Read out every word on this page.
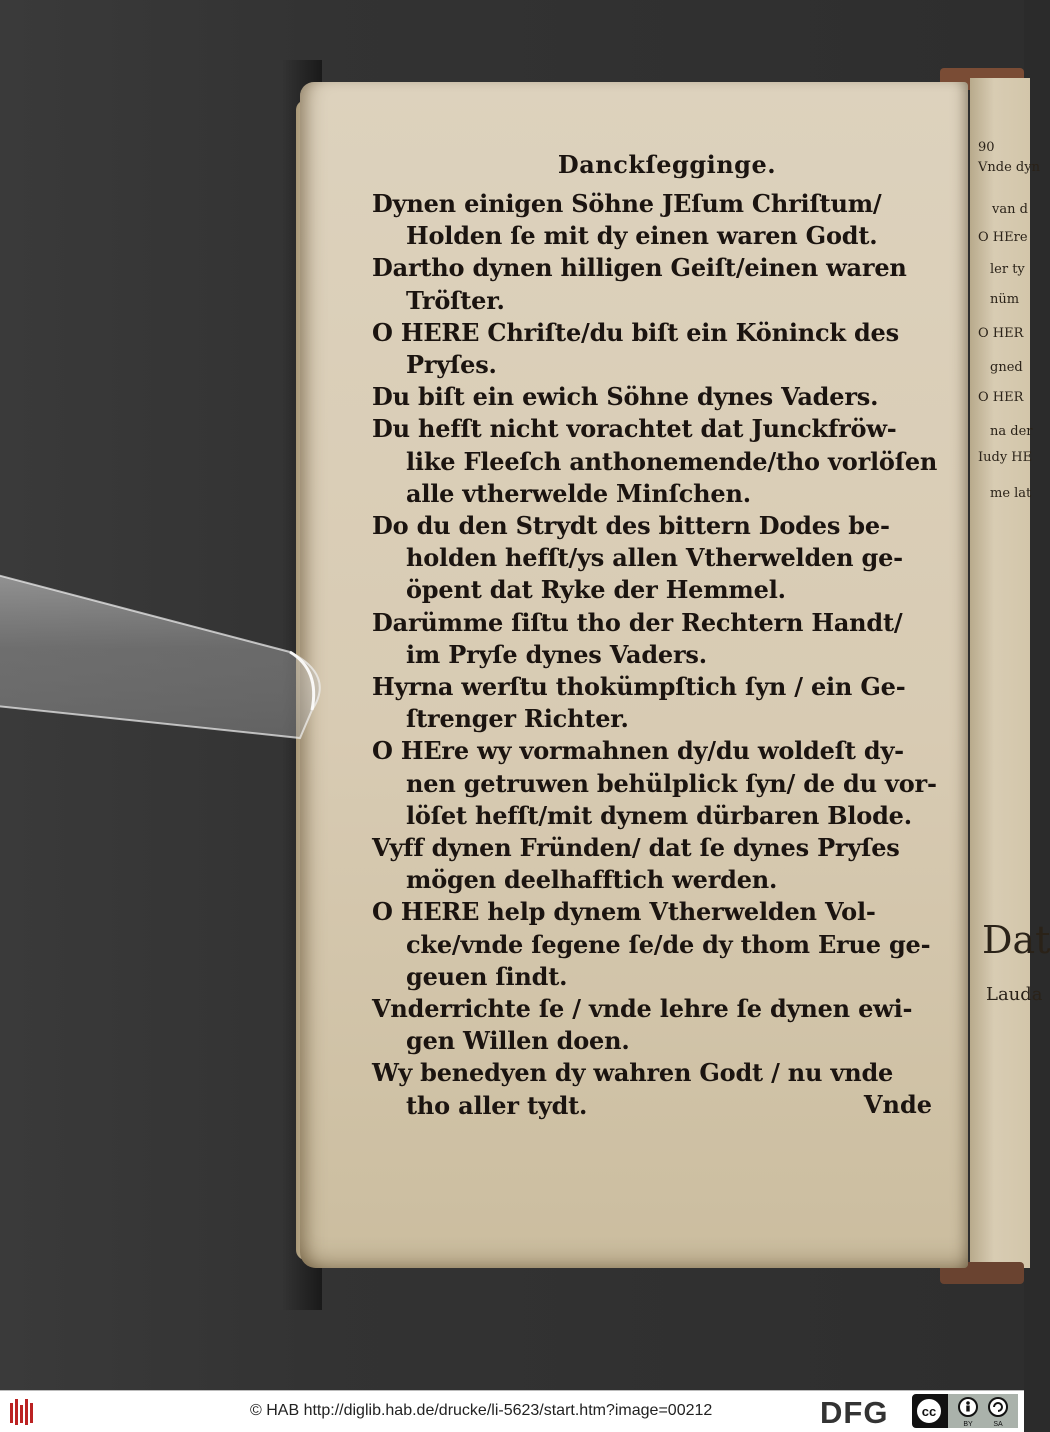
90
Vnde dyn
van d
O HEre
ler ty
nüm
O HER
gned
O HER
na der
Iudy HE
me lat
Dat
Lauda
Danckſegginge.
Dynen einigen Söhne JEſum Chriſtum/
Holden ſe mit dy einen waren Godt.
Dartho dynen hilligen Geiſt/einen waren
Tröſter.
O HERE Chriſte/du biſt ein Köninck des
Pryſes.
Du biſt ein ewich Söhne dynes Vaders.
Du hefſt nicht vorachtet dat Junckfröw-
like Fleeſch anthonemende/tho vorlöſen
alle vtherwelde Minſchen.
Do du den Strydt des bittern Dodes be-
holden hefſt/ys allen Vtherwelden ge-
öpent dat Ryke der Hemmel.
Darümme ſiſtu tho der Rechtern Handt/
im Pryſe dynes Vaders.
Hyrna werſtu thokümpſtich ſyn / ein Ge-
ſtrenger Richter.
O HEre wy vormahnen dy/du woldeſt dy-
nen getruwen behülplick ſyn/ de du vor-
löſet hefſt/mit dynem dürbaren Blode.
Vyff dynen Fründen/ dat ſe dynes Pryſes
mögen deelhafftich werden.
O HERE help dynem Vtherwelden Vol-
cke/vnde ſegene ſe/de dy thom Erue ge-
geuen ſindt.
Vnderrichte ſe / vnde lehre ſe dynen ewi-
gen Willen doen.
Wy benedyen dy wahren Godt / nu vnde
tho aller tydt.	Vnde
© HAB http://diglib.hab.de/drucke/li-5623/start.htm?image=00212	DFG	cc
BY	SA
